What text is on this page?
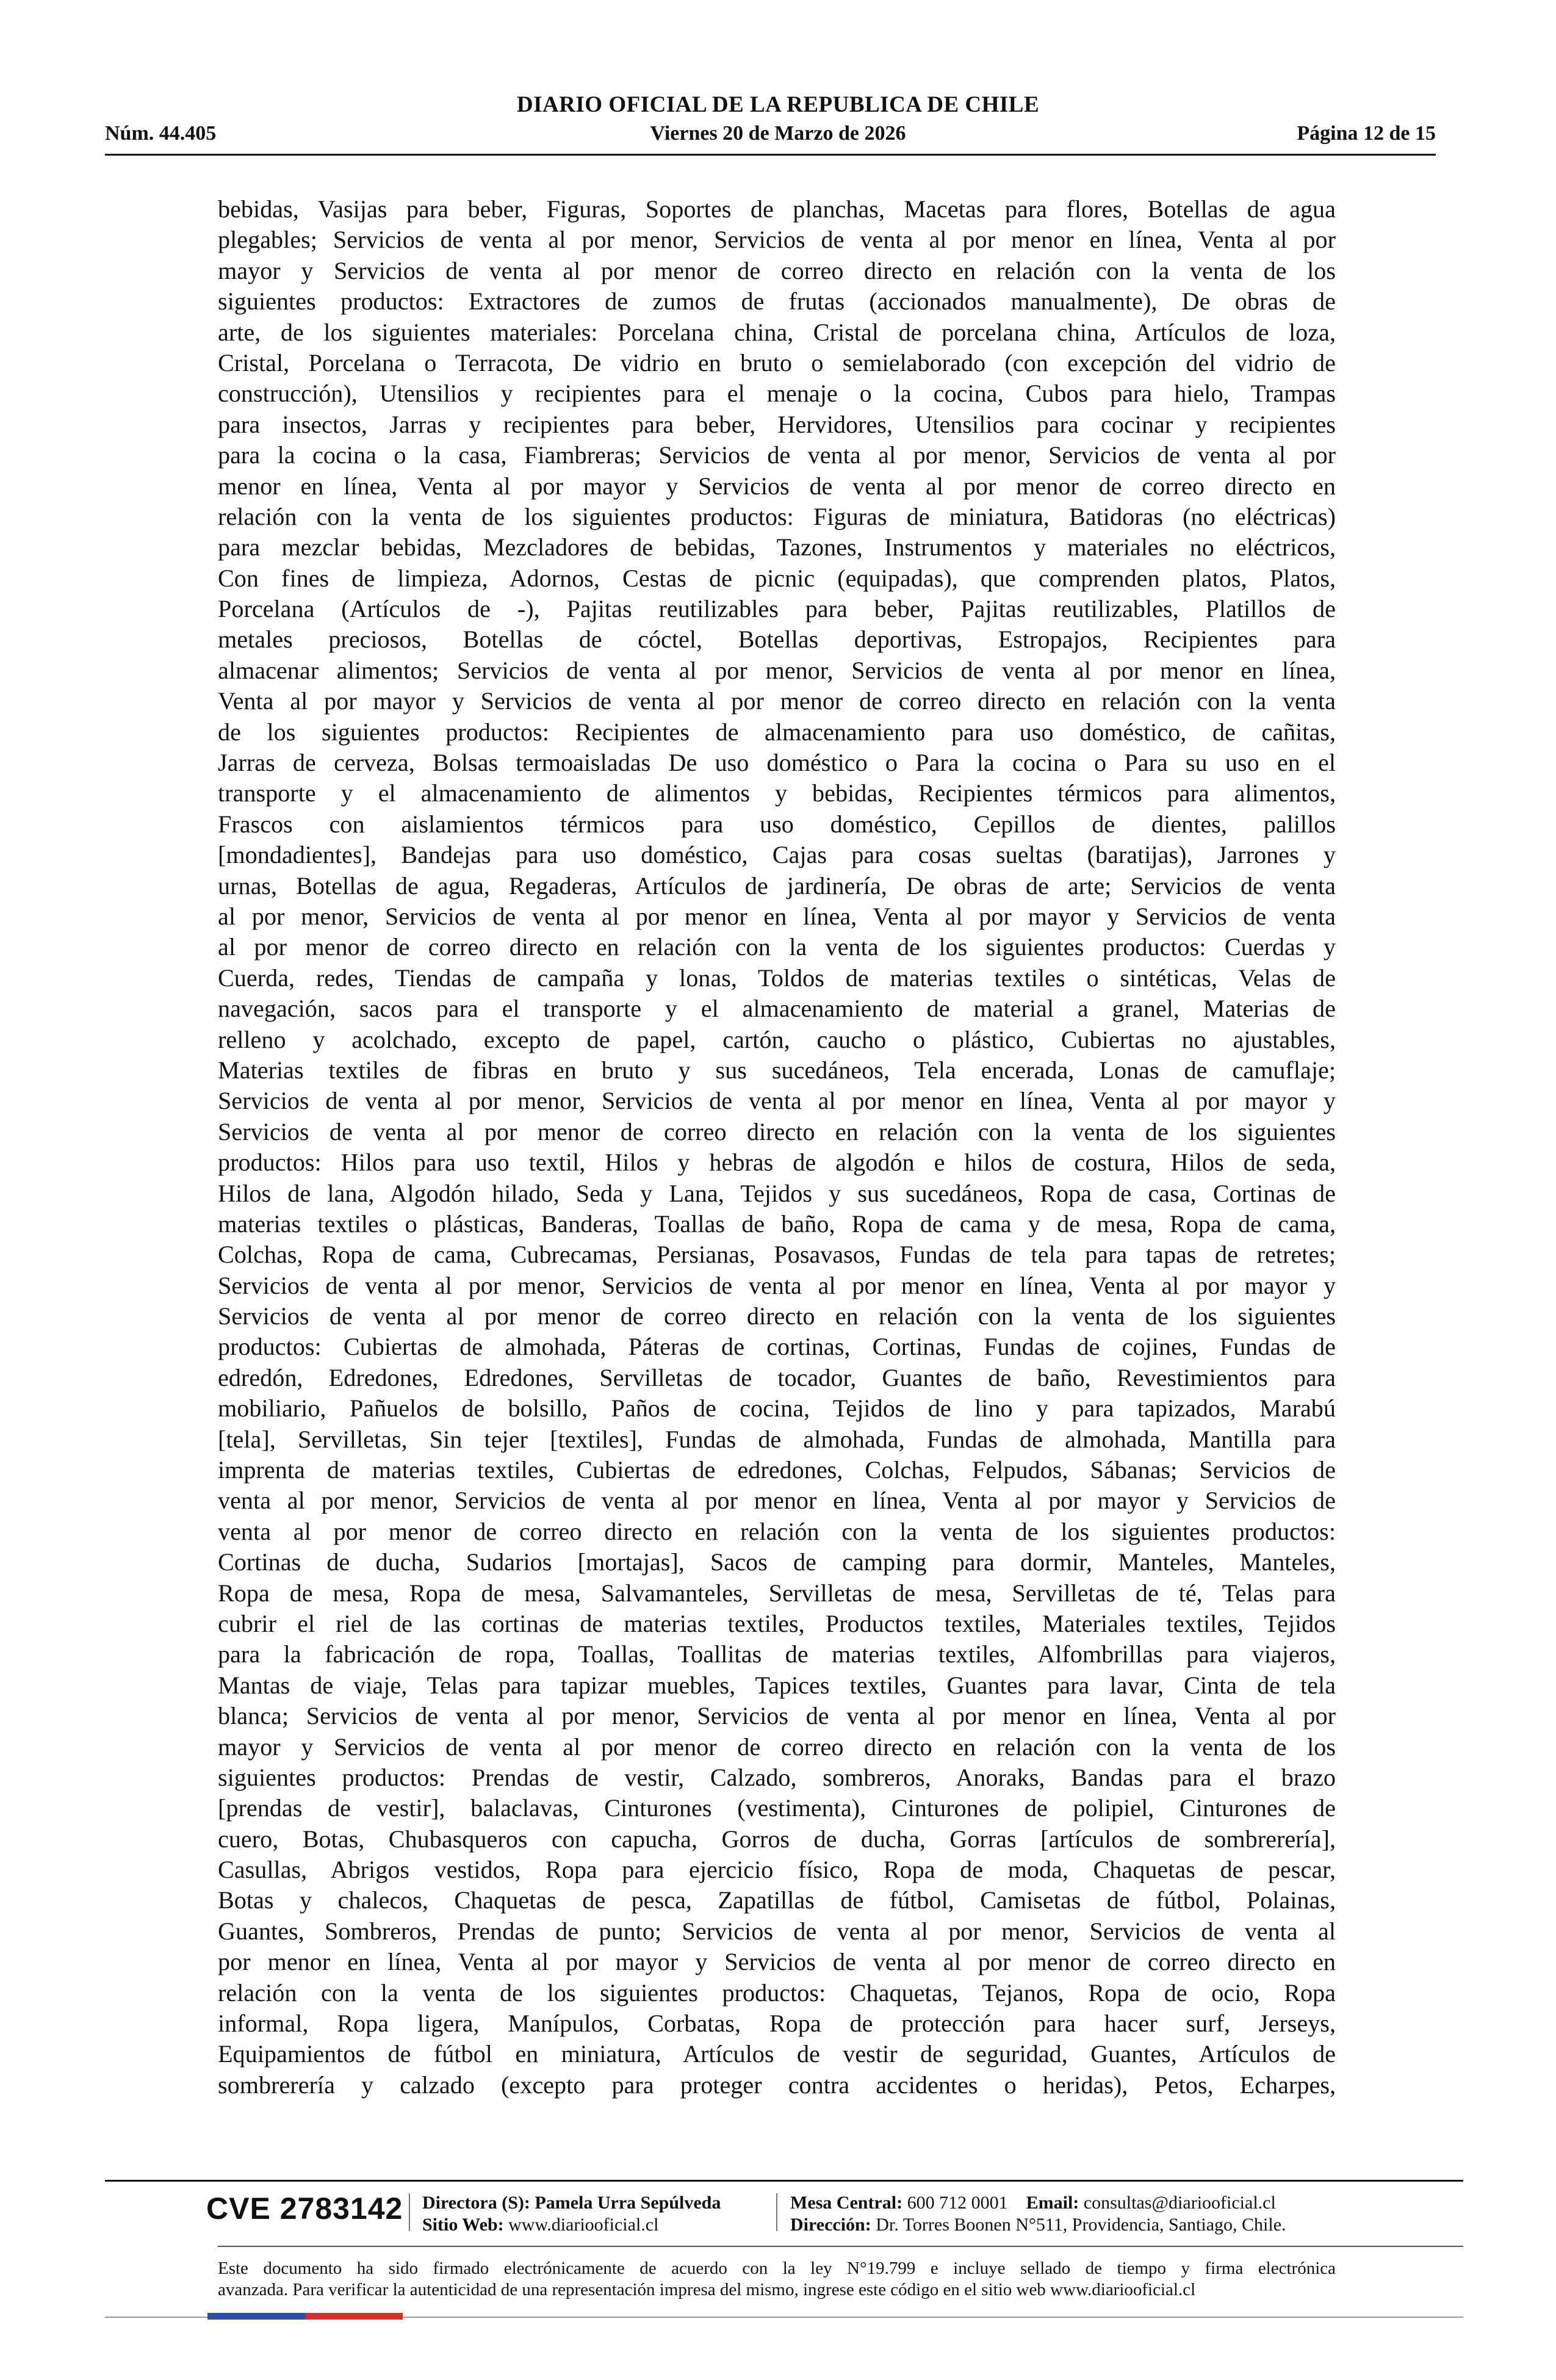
DIARIO OFICIAL DE LA REPUBLICA DE CHILE
Núm. 44.405	Viernes 20 de Marzo de 2026	Página 12 de 15
bebidas, Vasijas para beber, Figuras, Soportes de planchas, Macetas para flores, Botellas de agua
plegables; Servicios de venta al por menor, Servicios de venta al por menor en línea, Venta al por
mayor y Servicios de venta al por menor de correo directo en relación con la venta de los
siguientes productos: Extractores de zumos de frutas (accionados manualmente), De obras de
arte, de los siguientes materiales: Porcelana china, Cristal de porcelana china, Artículos de loza,
Cristal, Porcelana o Terracota, De vidrio en bruto o semielaborado (con excepción del vidrio de
construcción), Utensilios y recipientes para el menaje o la cocina, Cubos para hielo, Trampas
para insectos, Jarras y recipientes para beber, Hervidores, Utensilios para cocinar y recipientes
para la cocina o la casa, Fiambreras; Servicios de venta al por menor, Servicios de venta al por
menor en línea, Venta al por mayor y Servicios de venta al por menor de correo directo en
relación con la venta de los siguientes productos: Figuras de miniatura, Batidoras (no eléctricas)
para mezclar bebidas, Mezcladores de bebidas, Tazones, Instrumentos y materiales no eléctricos,
Con fines de limpieza, Adornos, Cestas de picnic (equipadas), que comprenden platos, Platos,
Porcelana (Artículos de -), Pajitas reutilizables para beber, Pajitas reutilizables, Platillos de
metales preciosos, Botellas de cóctel, Botellas deportivas, Estropajos, Recipientes para
almacenar alimentos; Servicios de venta al por menor, Servicios de venta al por menor en línea,
Venta al por mayor y Servicios de venta al por menor de correo directo en relación con la venta
de los siguientes productos: Recipientes de almacenamiento para uso doméstico, de cañitas,
Jarras de cerveza, Bolsas termoaisladas De uso doméstico o Para la cocina o Para su uso en el
transporte y el almacenamiento de alimentos y bebidas, Recipientes térmicos para alimentos,
Frascos con aislamientos térmicos para uso doméstico, Cepillos de dientes, palillos
[mondadientes], Bandejas para uso doméstico, Cajas para cosas sueltas (baratijas), Jarrones y
urnas, Botellas de agua, Regaderas, Artículos de jardinería, De obras de arte; Servicios de venta
al por menor, Servicios de venta al por menor en línea, Venta al por mayor y Servicios de venta
al por menor de correo directo en relación con la venta de los siguientes productos: Cuerdas y
Cuerda, redes, Tiendas de campaña y lonas, Toldos de materias textiles o sintéticas, Velas de
navegación, sacos para el transporte y el almacenamiento de material a granel, Materias de
relleno y acolchado, excepto de papel, cartón, caucho o plástico, Cubiertas no ajustables,
Materias textiles de fibras en bruto y sus sucedáneos, Tela encerada, Lonas de camuflaje;
Servicios de venta al por menor, Servicios de venta al por menor en línea, Venta al por mayor y
Servicios de venta al por menor de correo directo en relación con la venta de los siguientes
productos: Hilos para uso textil, Hilos y hebras de algodón e hilos de costura, Hilos de seda,
Hilos de lana, Algodón hilado, Seda y Lana, Tejidos y sus sucedáneos, Ropa de casa, Cortinas de
materias textiles o plásticas, Banderas, Toallas de baño, Ropa de cama y de mesa, Ropa de cama,
Colchas, Ropa de cama, Cubrecamas, Persianas, Posavasos, Fundas de tela para tapas de retretes;
Servicios de venta al por menor, Servicios de venta al por menor en línea, Venta al por mayor y
Servicios de venta al por menor de correo directo en relación con la venta de los siguientes
productos: Cubiertas de almohada, Páteras de cortinas, Cortinas, Fundas de cojines, Fundas de
edredón, Edredones, Edredones, Servilletas de tocador, Guantes de baño, Revestimientos para
mobiliario, Pañuelos de bolsillo, Paños de cocina, Tejidos de lino y para tapizados, Marabú
[tela], Servilletas, Sin tejer [textiles], Fundas de almohada, Fundas de almohada, Mantilla para
imprenta de materias textiles, Cubiertas de edredones, Colchas, Felpudos, Sábanas; Servicios de
venta al por menor, Servicios de venta al por menor en línea, Venta al por mayor y Servicios de
venta al por menor de correo directo en relación con la venta de los siguientes productos:
Cortinas de ducha, Sudarios [mortajas], Sacos de camping para dormir, Manteles, Manteles,
Ropa de mesa, Ropa de mesa, Salvamanteles, Servilletas de mesa, Servilletas de té, Telas para
cubrir el riel de las cortinas de materias textiles, Productos textiles, Materiales textiles, Tejidos
para la fabricación de ropa, Toallas, Toallitas de materias textiles, Alfombrillas para viajeros,
Mantas de viaje, Telas para tapizar muebles, Tapices textiles, Guantes para lavar, Cinta de tela
blanca; Servicios de venta al por menor, Servicios de venta al por menor en línea, Venta al por
mayor y Servicios de venta al por menor de correo directo en relación con la venta de los
siguientes productos: Prendas de vestir, Calzado, sombreros, Anoraks, Bandas para el brazo
[prendas de vestir], balaclavas, Cinturones (vestimenta), Cinturones de polipiel, Cinturones de
cuero, Botas, Chubasqueros con capucha, Gorros de ducha, Gorras [artículos de sombrerería],
Casullas, Abrigos vestidos, Ropa para ejercicio físico, Ropa de moda, Chaquetas de pescar,
Botas y chalecos, Chaquetas de pesca, Zapatillas de fútbol, Camisetas de fútbol, Polainas,
Guantes, Sombreros, Prendas de punto; Servicios de venta al por menor, Servicios de venta al
por menor en línea, Venta al por mayor y Servicios de venta al por menor de correo directo en
relación con la venta de los siguientes productos: Chaquetas, Tejanos, Ropa de ocio, Ropa
informal, Ropa ligera, Manípulos, Corbatas, Ropa de protección para hacer surf, Jerseys,
Equipamientos de fútbol en miniatura, Artículos de vestir de seguridad, Guantes, Artículos de
sombrerería y calzado (excepto para proteger contra accidentes o heridas), Petos, Echarpes,
CVE 2783142 Directora (S): Pamela Urra Sepúlveda
Sitio Web: www.diariooficial.cl
Mesa Central: 600 712 0001 Email: consultas@diariooficial.cl
Dirección: Dr. Torres Boonen N°511, Providencia, Santiago, Chile.
Este documento ha sido firmado electrónicamente de acuerdo con la ley N°19.799 e incluye sellado de tiempo y firma electrónica
avanzada. Para verificar la autenticidad de una representación impresa del mismo, ingrese este código en el sitio web www.diariooficial.cl
